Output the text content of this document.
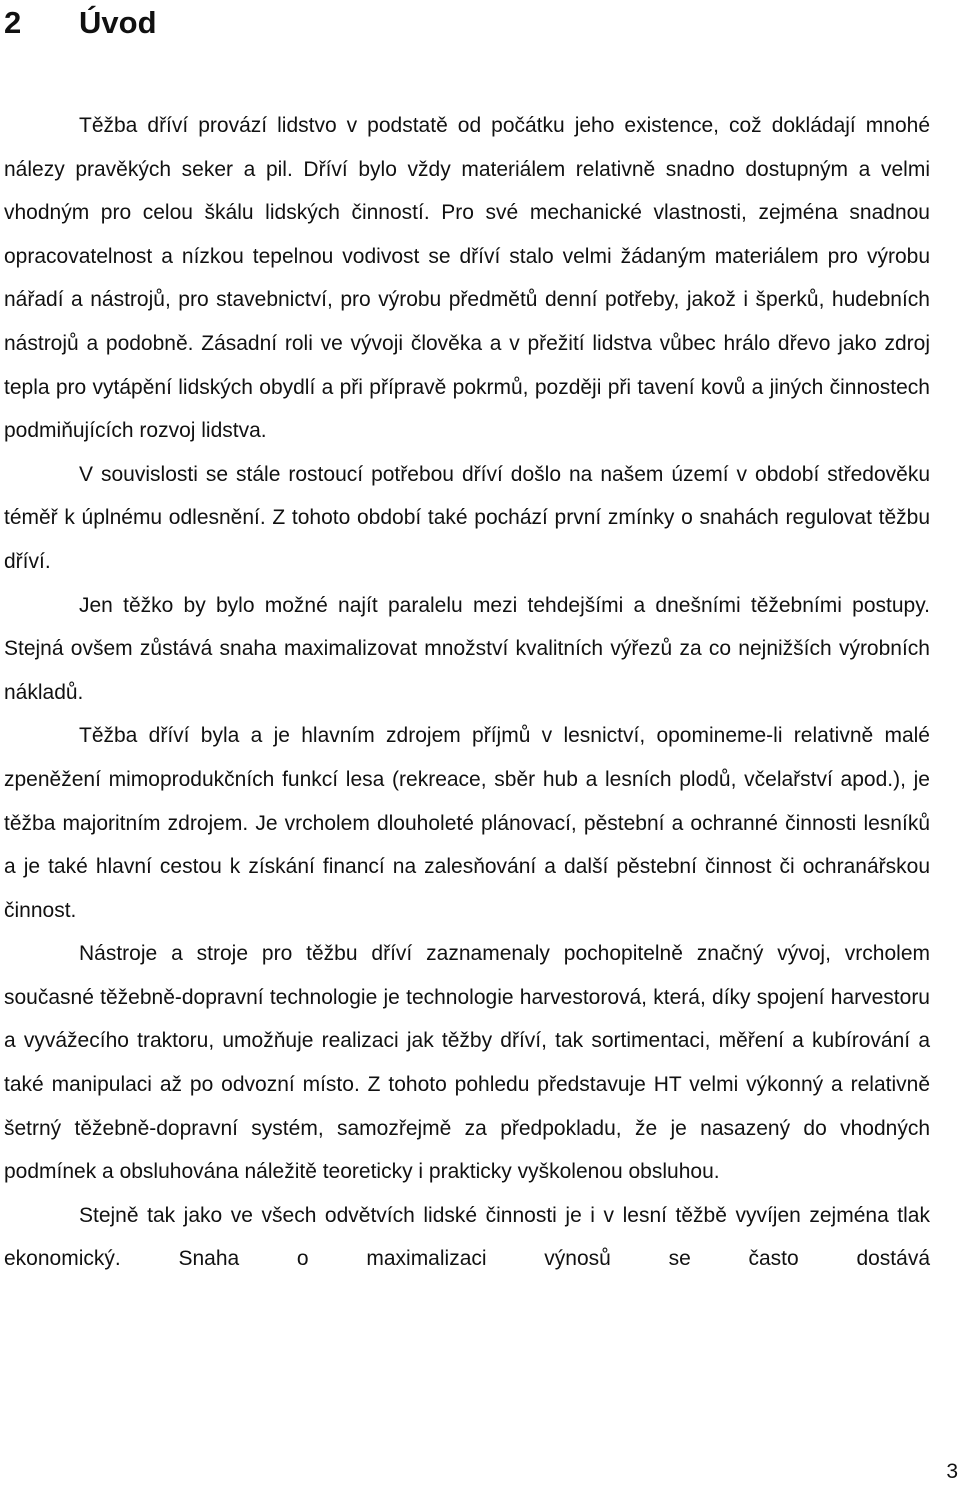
2 Úvod

Těžba dříví provází lidstvo v podstatě od počátku jeho existence, což dokládají mnohé nálezy pravěkých seker a pil. Dříví bylo vždy materiálem relativně snadno dostupným a velmi vhodným pro celou škálu lidských činností. Pro své mechanické vlastnosti, zejména snadnou opracovatelnost a nízkou tepelnou vodivost se dříví stalo velmi žádaným materiálem pro výrobu nářadí a nástrojů, pro stavebnictví, pro výrobu předmětů denní potřeby, jakož i šperků, hudebních nástrojů a podobně. Zásadní roli ve vývoji člověka a v přežití lidstva vůbec hrálo dřevo jako zdroj tepla pro vytápění lidských obydlí a při přípravě pokrmů, později při tavení kovů a jiných činnostech podmiňujících rozvoj lidstva.

V souvislosti se stále rostoucí potřebou dříví došlo na našem území v období středověku téměř k úplnému odlesnění. Z tohoto období také pochází první zmínky o snahách regulovat těžbu dříví.

Jen těžko by bylo možné najít paralelu mezi tehdejšími a dnešními těžebními postupy. Stejná ovšem zůstává snaha maximalizovat množství kvalitních výřezů za co nejnižších výrobních nákladů.

Těžba dříví byla a je hlavním zdrojem příjmů v lesnictví, opomineme-li relativně malé zpeněžení mimoprodukčních funkcí lesa (rekreace, sběr hub a lesních plodů, včelařství apod.), je těžba majoritním zdrojem. Je vrcholem dlouholeté plánovací, pěstební a ochranné činnosti lesníků a je také hlavní cestou k získání financí na zalesňování a další pěstební činnost či ochranářskou činnost.

Nástroje a stroje pro těžbu dříví zaznamenaly pochopitelně značný vývoj, vrcholem současné těžebně-dopravní technologie je technologie harvestorová, která, díky spojení harvestoru a vyvážecího traktoru, umožňuje realizaci jak těžby dříví, tak sortimentaci, měření a kubírování a také manipulaci až po odvozní místo. Z tohoto pohledu představuje HT velmi výkonný a relativně šetrný těžebně-dopravní systém, samozřejmě za předpokladu, že je nasazený do vhodných podmínek a obsluhována náležitě teoreticky i prakticky vyškolenou obsluhou.

Stejně tak jako ve všech odvětvích lidské činnosti je i v lesní těžbě vyvíjen zejména tlak ekonomický. Snaha o maximalizaci výnosů se často dostává

3
